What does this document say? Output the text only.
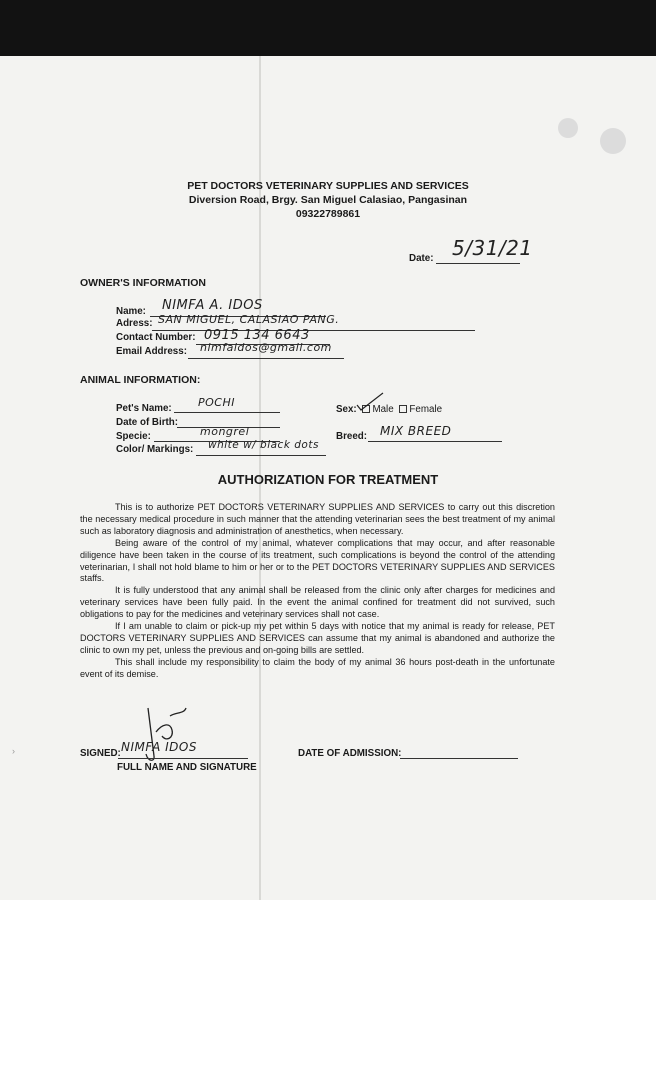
›
PET DOCTORS VETERINARY SUPPLIES AND SERVICES
Diversion Road, Brgy. San Miguel Calasiao, Pangasinan
09322789861
Date: 5/31/21
OWNER'S INFORMATION
Name: NIMFA A. IDOS
Adress: SAN MIGUEL, CALASIAO PANG.
Contact Number: 0915 134 6643
Email Address: nimfaidos@gmail.com
ANIMAL INFORMATION:
Pet's Name: POCHI
Sex: Male Female
Date of Birth:
Specie:	mongrel	Breed: MIX BREED
Color/ Markings: white w/ black dots
AUTHORIZATION FOR TREATMENT

This is to authorize PET DOCTORS VETERINARY SUPPLIES AND SERVICES to carry out this discretion the necessary medical procedure in such manner that the attending veterinarian sees the best treatment of my animal such as laboratory diagnosis and administration of anesthetics, when necessary.

Being aware of the control of my animal, whatever complications that may occur, and after reasonable diligence have been taken in the course of its treatment, such complications is beyond the control of the attending veterinarian, I shall not hold blame to him or her or to the PET DOCTORS VETERINARY SUPPLIES AND SERVICES staffs.

It is fully understood that any animal shall be released from the clinic only after charges for medicines and veterinary services have been fully paid. In the event the animal confined for treatment did not survived, such obligations to pay for the medicines and veterinary services shall not case.

If I am unable to claim or pick-up my pet within 5 days with notice that my animal is ready for release, PET DOCTORS VETERINARY SUPPLIES AND SERVICES can assume that my animal is abandoned and authorize the clinic to own my pet, unless the previous and on-going bills are settled.

This shall include my responsibility to claim the body of my animal 36 hours post-death in the unfortunate event of its demise.

SIGNED: NIMFA IDOS
FULL NAME AND SIGNATURE
DATE OF ADMISSION:
